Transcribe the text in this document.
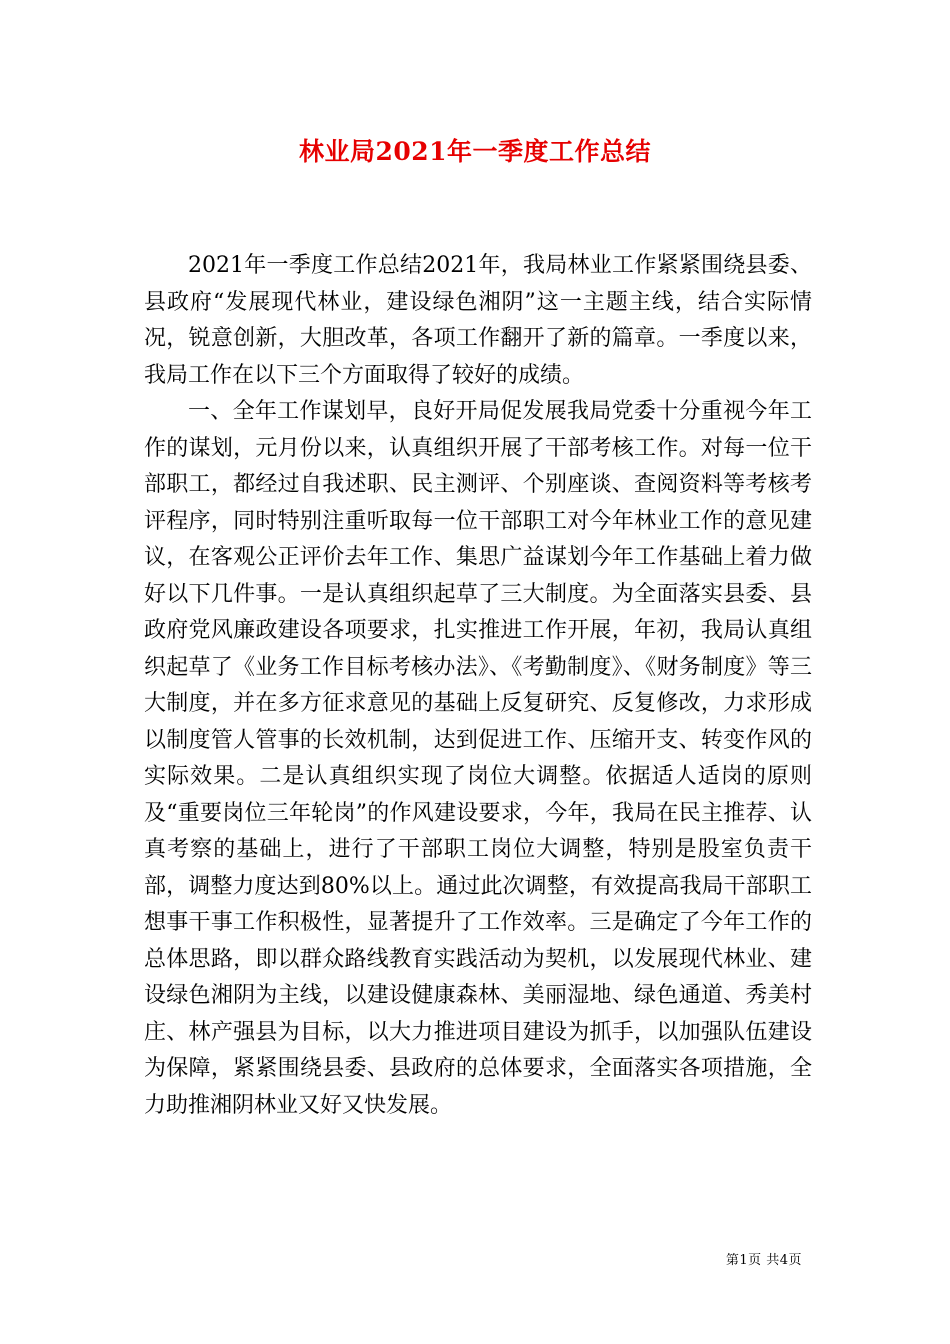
林业局2021年一季度工作总结

2021年一季度工作总结2021年，我局林业工作紧紧围绕县委、县政府“发展现代林业，建设绿色湘阴”这一主题主线，结合实际情况，锐意创新，大胆改革，各项工作翻开了新的篇章。一季度以来，我局工作在以下三个方面取得了较好的成绩。

一、全年工作谋划早，良好开局促发展我局党委十分重视今年工作的谋划，元月份以来，认真组织开展了干部考核工作。对每一位干部职工，都经过自我述职、民主测评、个别座谈、查阅资料等考核考评程序，同时特别注重听取每一位干部职工对今年林业工作的意见建议，在客观公正评价去年工作、集思广益谋划今年工作基础上着力做好以下几件事。一是认真组织起草了三大制度。为全面落实县委、县政府党风廉政建设各项要求，扎实推进工作开展，年初，我局认真组织起草了《业务工作目标考核办法》、《考勤制度》、《财务制度》等三大制度，并在多方征求意见的基础上反复研究、反复修改，力求形成以制度管人管事的长效机制，达到促进工作、压缩开支、转变作风的实际效果。二是认真组织实现了岗位大调整。依据适人适岗的原则及“重要岗位三年轮岗”的作风建设要求，今年，我局在民主推荐、认真考察的基础上，进行了干部职工岗位大调整，特别是股室负责干部，调整力度达到80%以上。通过此次调整，有效提高我局干部职工想事干事工作积极性，显著提升了工作效率。三是确定了今年工作的总体思路，即以群众路线教育实践活动为契机，以发展现代林业、建设绿色湘阴为主线，以建设健康森林、美丽湿地、绿色通道、秀美村庄、林产强县为目标，以大力推进项目建设为抓手，以加强队伍建设为保障，紧紧围绕县委、县政府的总体要求，全面落实各项措施，全力助推湘阴林业又好又快发展。

第1页 共4页
